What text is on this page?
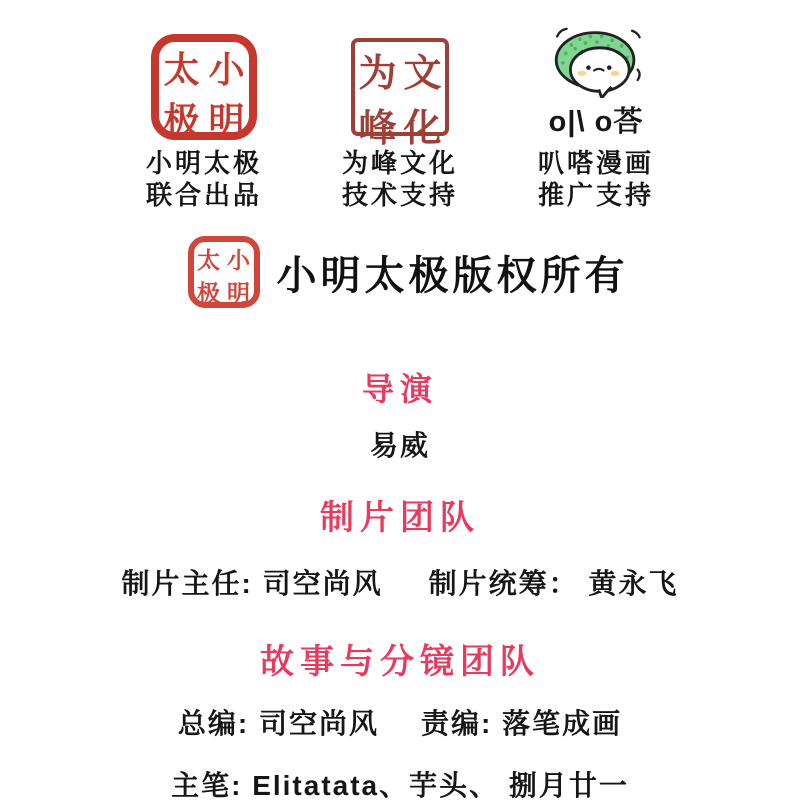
太 小
极 明
小明太极
联合出品
为 文
峰 化
为峰文化
技术支持
o|\ o荅
叭嗒漫画
推广支持
太 小
极 明 小明太极版权所有
导演
易威
制片团队
制片主任: 司空尚风 制片统筹： 黄永飞
故事与分镜团队
总编: 司空尚风 责编: 落笔成画
主笔: Elitatata、芋头、 捌月廿一
